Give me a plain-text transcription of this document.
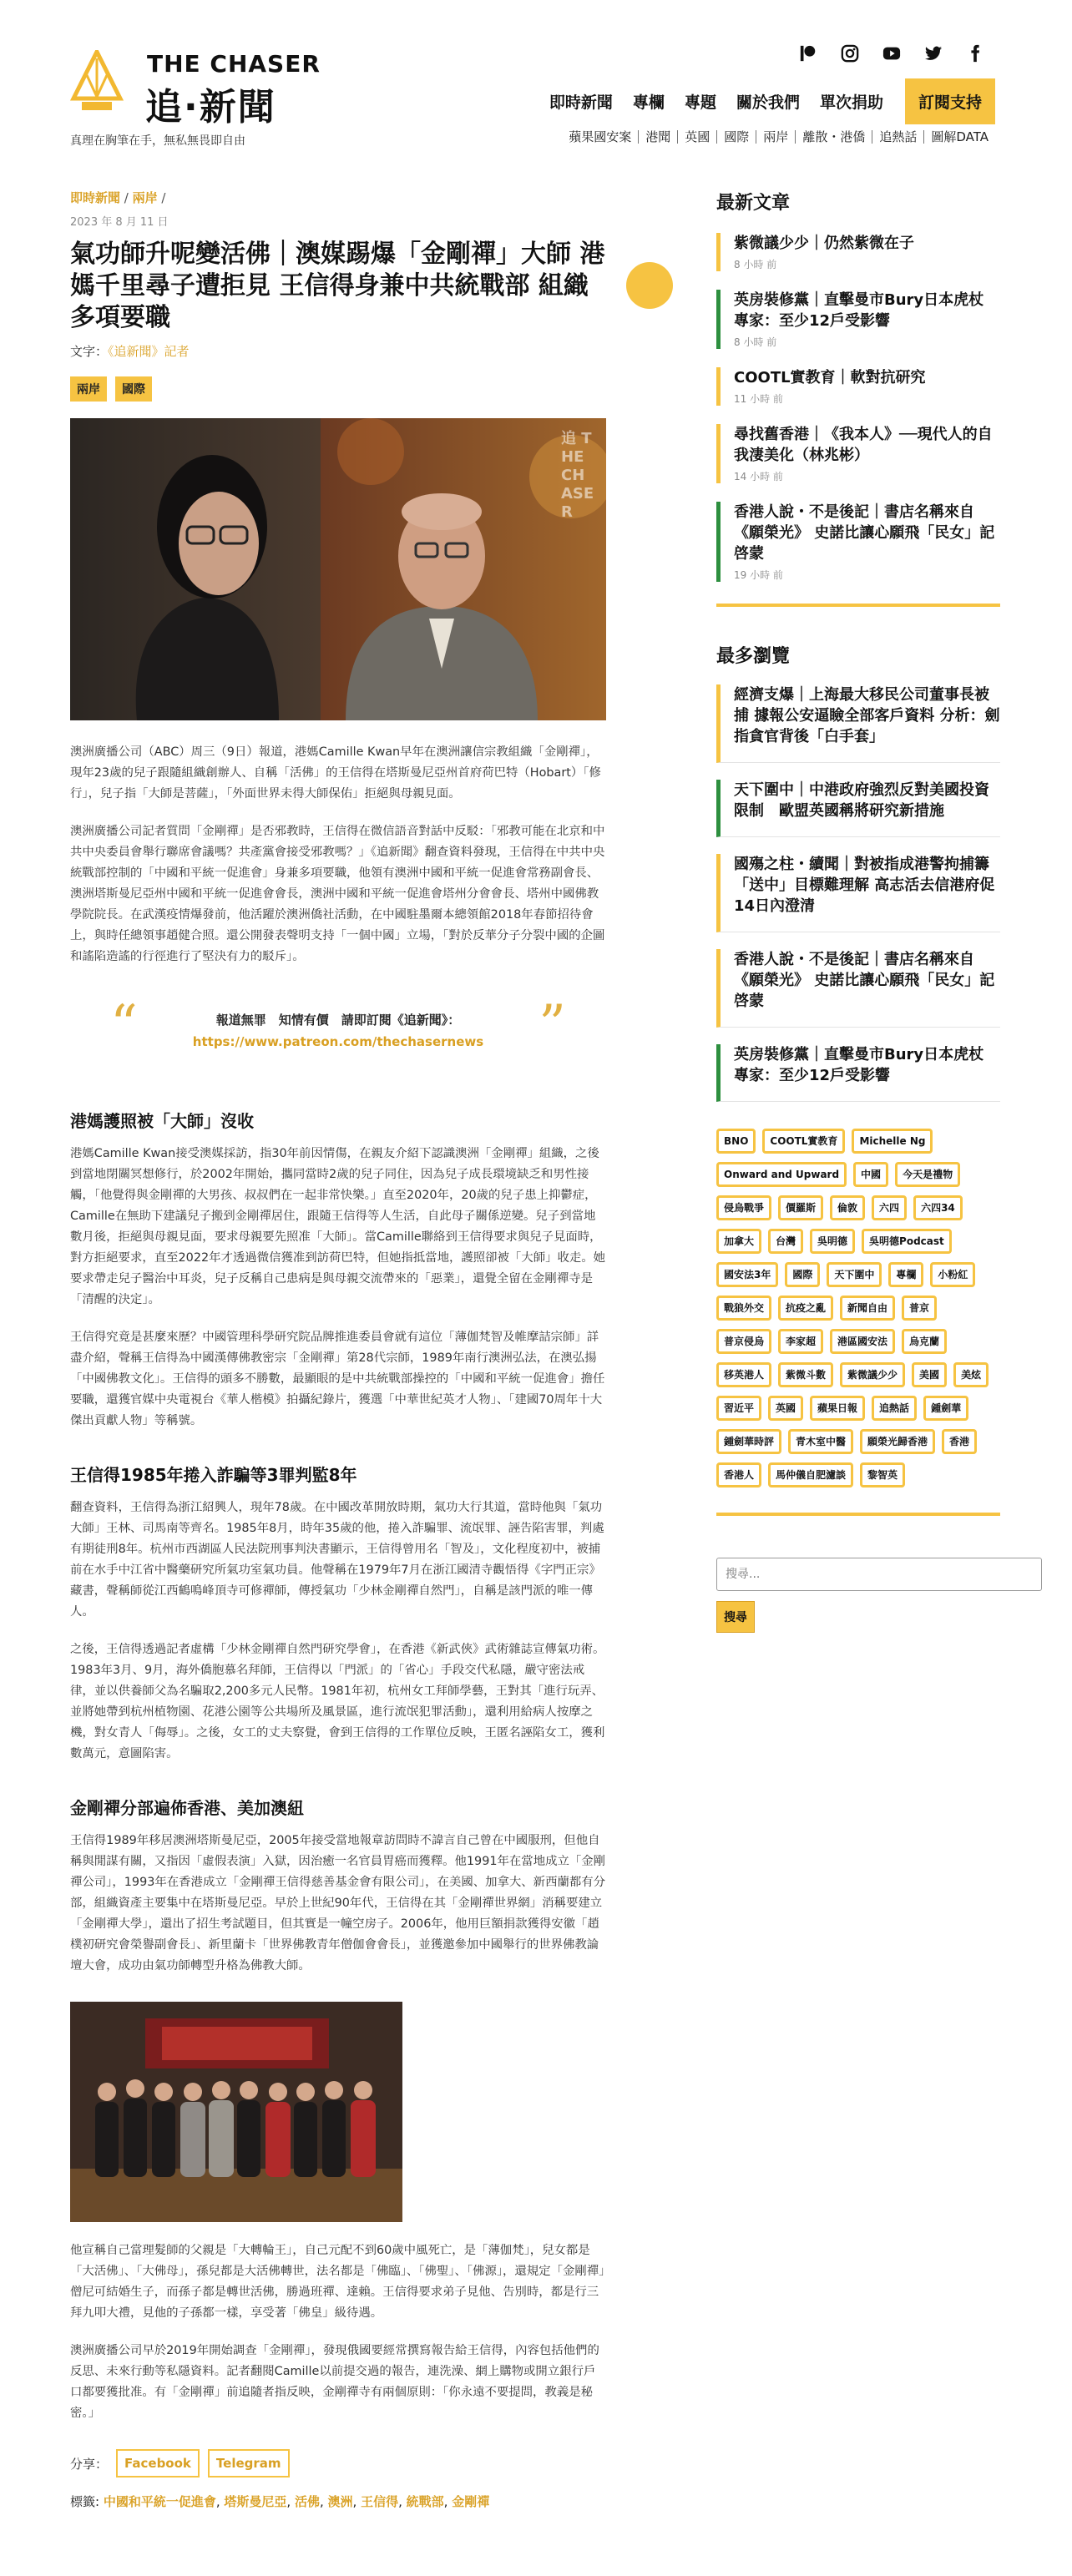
THE CHASER
追·新聞
真理在胸筆在手，無私無畏即自由
即時新聞	專欄	專題	關於我們	單次捐助	訂閱支持
蘋果國安案	港聞	英國	國際	兩岸	離散・港僑	追熱話	圖解DATA
即時新聞 / 兩岸 /
2023 年 8 月 11 日
氣功師升呢變活佛｜澳媒踢爆「金剛禪」大師 港媽千里尋子遭拒見 王信得身兼中共統戰部 組織多項要職
文字：《追新聞》記者
兩岸	國際
追 THE CHASER

澳洲廣播公司（ABC）周三（9日）報道，港媽Camille Kwan早年在澳洲讓信宗教組織「金剛禪」，現年23歲的兒子跟隨組織創辦人、自稱「活佛」的王信得在塔斯曼尼亞州首府荷巴特（Hobart）「修行」，兒子指「大師是菩薩」，「外面世界未得大師保佑」拒絕與母親見面。

澳洲廣播公司記者質問「金剛禪」是否邪教時，王信得在微信語音對話中反駁：「邪教可能在北京和中共中央委員會舉行聯席會議嗎？共產黨會接受邪教嗎？」《追新聞》翻查資料發現，王信得在中共中央統戰部控制的「中國和平統一促進會」身兼多項要職，他領有澳洲中國和平統一促進會常務副會長、澳洲塔斯曼尼亞州中國和平統一促進會會長，澳洲中國和平統一促進會塔州分會會長、塔州中國佛教學院院長。在武漢疫情爆發前，他活躍於澳洲僑社活動，在中國駐墨爾本總領館2018年春節招待會上，與時任總領事趙健合照。還公開發表聲明支持「一個中國」立場，「對於反華分子分裂中國的企圖和謠陷造謠的行徑進行了堅決有力的駁斥」。

“	”
報道無罪　知情有價　請即訂閱《追新聞》：
https://www.patreon.com/thechasernews
港媽護照被「大師」沒收

港媽Camille Kwan接受澳媒採訪，指30年前因情傷，在親友介紹下認識澳洲「金剛禪」組織，之後到當地閉關冥想修行，於2002年開始，攜同當時2歲的兒子同住，因為兒子成長環境缺乏和男性接觸，「他覺得與金剛禪的大男孩、叔叔們在一起非常快樂。」直至2020年，20歲的兒子患上抑鬱症，Camille在無助下建議兒子搬到金剛禪居住，跟隨王信得等人生活，自此母子關係逆變。兒子到當地數月後，拒絕與母親見面，要求母親要先照准「大師」。當Camille聯絡到王信得要求與兒子見面時，對方拒絕要求，直至2022年才透過微信獲准到訪荷巴特，但她指抵當地，護照卻被「大師」收走。她要求帶走兒子醫治中耳炎，兒子反稱自己患病是與母親交流帶來的「惡業」，還覺全留在金剛禪寺是「清醒的決定」。

王信得究竟是甚麼來歷？中國管理科學研究院品牌推進委員會就有這位「薄伽梵智及帷摩詰宗師」詳盡介紹，聲稱王信得為中國漢傳佛教密宗「金剛禪」第28代宗師，1989年南行澳洲弘法，在澳弘揚「中國佛教文化」。王信得的頭多不勝數，最顯眼的是中共統戰部操控的「中國和平統一促進會」擔任要職，還獲官媒中央電視台《華人楷模》拍攝紀錄片，獲選「中華世紀英才人物」、「建國70周年十大傑出貢獻人物」等稱號。

王信得1985年捲入詐騙等3罪判監8年

翻查資料，王信得為浙江紹興人，現年78歲。在中國改革開放時期，氣功大行其道，當時他與「氣功大師」王林、司馬南等齊名。1985年8月，時年35歲的他，捲入詐騙罪、流氓罪、誣告陷害罪，判處有期徒刑8年。杭州市西湖區人民法院刑事判決書顯示，王信得曾用名「智及」，文化程度初中，被捕前在水手中江省中醫藥研究所氣功室氣功員。他聲稱在1979年7月在浙江國清寺觀悟得《字門正宗》藏書，聲稱師從江西鶴鳴峰頂寺可修禪師，傳授氣功「少林金剛禪自然門」，自稱是該門派的唯一傳人。

之後，王信得透過記者虛構「少林金剛禪自然門研究學會」，在香港《新武俠》武術雜誌宣傳氣功術。1983年3月、9月，海外僑胞慕名拜師，王信得以「門派」的「省心」手段交代私隱，嚴守密法戒律，並以供養師父為名騙取2,200多元人民幣。1981年初，杭州女工拜師學藝，王對其「進行玩弄、並將她帶到杭州植物園、花港公園等公共場所及風景區，進行流氓犯罪活動」，還利用給病人按摩之機，對女青人「侮辱」。之後，女工的丈夫察覺，會到王信得的工作單位反映，王匿名誣陷女工，獲利數萬元，意圖陷害。

金剛禪分部遍佈香港、美加澳紐

王信得1989年移居澳洲塔斯曼尼亞，2005年接受當地報章訪問時不諱言自己曾在中國服刑，但他自稱與閒謀有關，又指因「虛假表演」入獄，因治癒一名官員胃癌而獲釋。他1991年在當地成立「金剛禪公司」，1993年在香港成立「金剛禪王信得慈善基金會有限公司」，在美國、加拿大、新西蘭都有分部，組織資產主要集中在塔斯曼尼亞。早於上世紀90年代，王信得在其「金剛禪世界網」消稱要建立「金剛禪大學」，還出了招生考試題目，但其實是一幢空房子。2006年，他用巨額捐款獲得安徽「趙樸初研究會榮譽副會長」、新里蘭卡「世界佛教青年僧伽會會長」，並獲邀參加中國舉行的世界佛教論壇大會，成功由氣功師轉型升格為佛教大師。

他宣稱自己當理髮師的父親是「大轉輪王」，自己元配不到60歲中風死亡，是「薄伽梵」，兒女都是「大活佛」、「大佛母」，孫兒都是大活佛轉世，法名都是「佛臨」、「佛聖」、「佛源」，還規定「金剛禪」僧尼可結婚生子，而孫子都是轉世活佛，勝過班禪、達賴。王信得要求弟子見他、告別時，都是行三拜九叩大禮，見他的子孫都一樣，享受著「佛皇」級待遇。

澳洲廣播公司早於2019年開始調查「金剛禪」，發現俄國要經常撰寫報告給王信得，內容包括他們的反思、未來行動等私隱資料。記者翻閱Camille以前提交過的報告，連洗澡、網上購物或開立銀行戶口都要獲批准。有「金剛禪」前追隨者指反映，金剛禪寺有兩個原則：「你永遠不要提問，教義是秘密。」

分享：	Facebook	Telegram
標籤: 中國和平統一促進會, 塔斯曼尼亞, 活佛, 澳洲, 王信得, 統戰部, 金剛禪
最新文章
紫微議少少｜仍然紫微在子
8 小時 前
英房裝修黨｜直擊曼市Bury日本虎杖 專家：至少12戶受影響
8 小時 前
COOTL實教育｜軟對抗研究
11 小時 前
尋找舊香港｜《我本人》──現代人的自我淒美化（林兆彬）
14 小時 前
香港人說・不是後記｜書店名稱來自《願榮光》 史諾比讓心願飛「民女」記啓蒙
19 小時 前
最多瀏覽
經濟支爆｜上海最大移民公司董事長被捕 據報公安逼瞼全部客戶資料 分析：劍指貪官背後「白手套」
天下圍中｜中港政府強烈反對美國投資限制　歐盟英國稱將研究新措施
國殤之柱・續聞｜對被指成港警拘捕籌「送中」目標難理解 高志活去信港府促14日內澄清
香港人說・不是後記｜書店名稱來自《願榮光》 史諾比讓心願飛「民女」記啓蒙
英房裝修黨｜直擊曼市Bury日本虎杖 專家：至少12戶受影響
BNO	COOTL實教育	Michelle Ng
Onward and Upward	中國	今天是禮物
侵烏戰爭	價羅斯	倫敦	六四	六四34
加拿大	台灣	吳明德	吳明德Podcast
國安法3年	國際	天下圍中	專欄	小粉紅
戰狼外交	抗疫之亂	新聞自由	普京
普京侵烏	李家超	港區國安法	烏克蘭
移英港人	紫微斗數	紫微議少少	美國	美炫
習近平	英國	蘋果日報	追熱話	鍾劍華
鍾劍華時評	青木室中醫	願榮光歸香港	香港
香港人	馬仲儀自肥濾談	黎智英
搜尋...
搜尋
